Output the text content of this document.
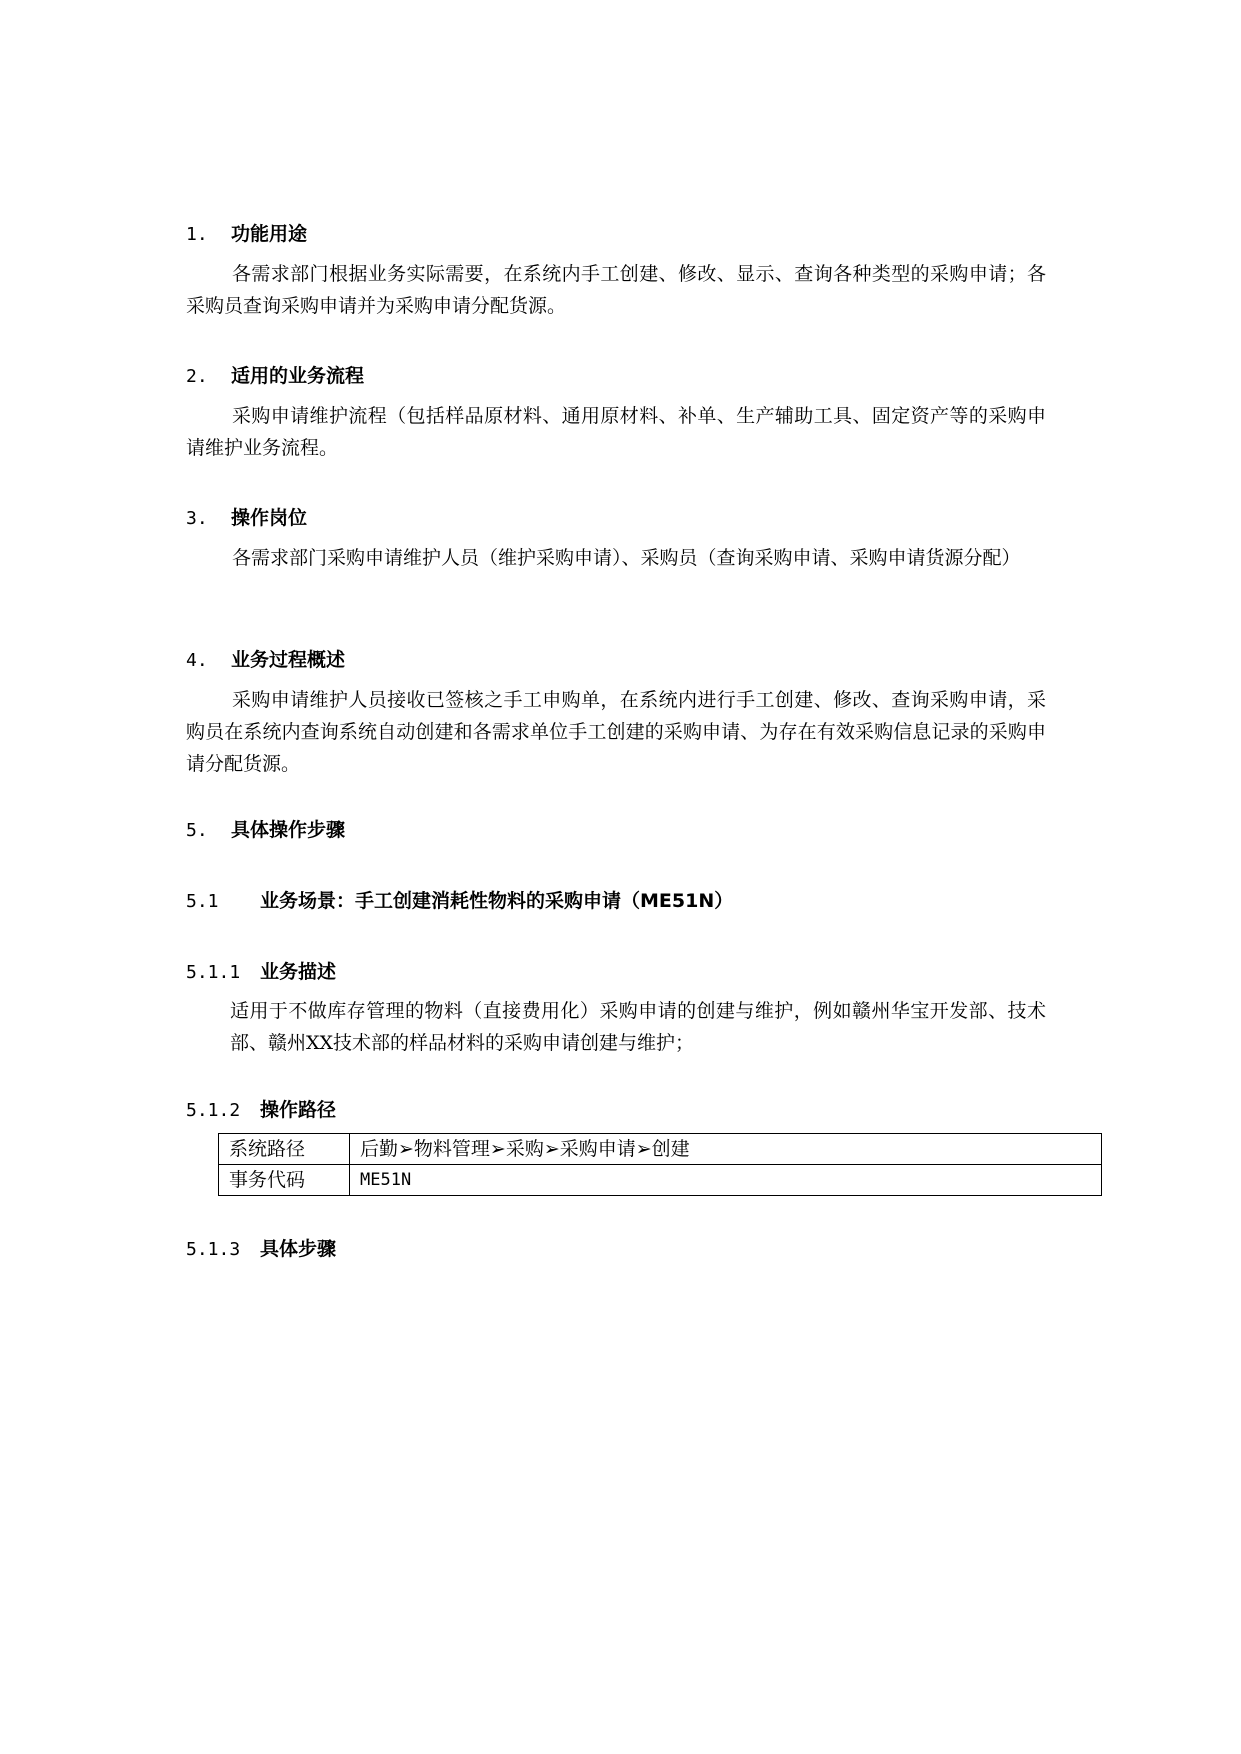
1. 功能用途
各需求部门根据业务实际需要，在系统内手工创建、修改、显示、查询各种类型的采购申请；各采购员查询采购申请并为采购申请分配货源。
2. 适用的业务流程
采购申请维护流程（包括样品原材料、通用原材料、补单、生产辅助工具、固定资产等的采购申请维护业务流程。
3. 操作岗位
各需求部门采购申请维护人员（维护采购申请）、采购员（查询采购申请、采购申请货源分配）
4. 业务过程概述
采购申请维护人员接收已签核之手工申购单，在系统内进行手工创建、修改、查询采购申请，采购员在系统内查询系统自动创建和各需求单位手工创建的采购申请、为存在有效采购信息记录的采购申请分配货源。
5. 具体操作步骤
5.1 业务场景：手工创建消耗性物料的采购申请（ME51N）
5.1.1 业务描述
适用于不做库存管理的物料（直接费用化）采购申请的创建与维护，例如赣州华宝开发部、技术部、赣州XX技术部的样品材料的采购申请创建与维护；
5.1.2 操作路径
系统路径	后勤➢物料管理➢采购➢采购申请➢创建
事务代码	ME51N
5.1.3 具体步骤
